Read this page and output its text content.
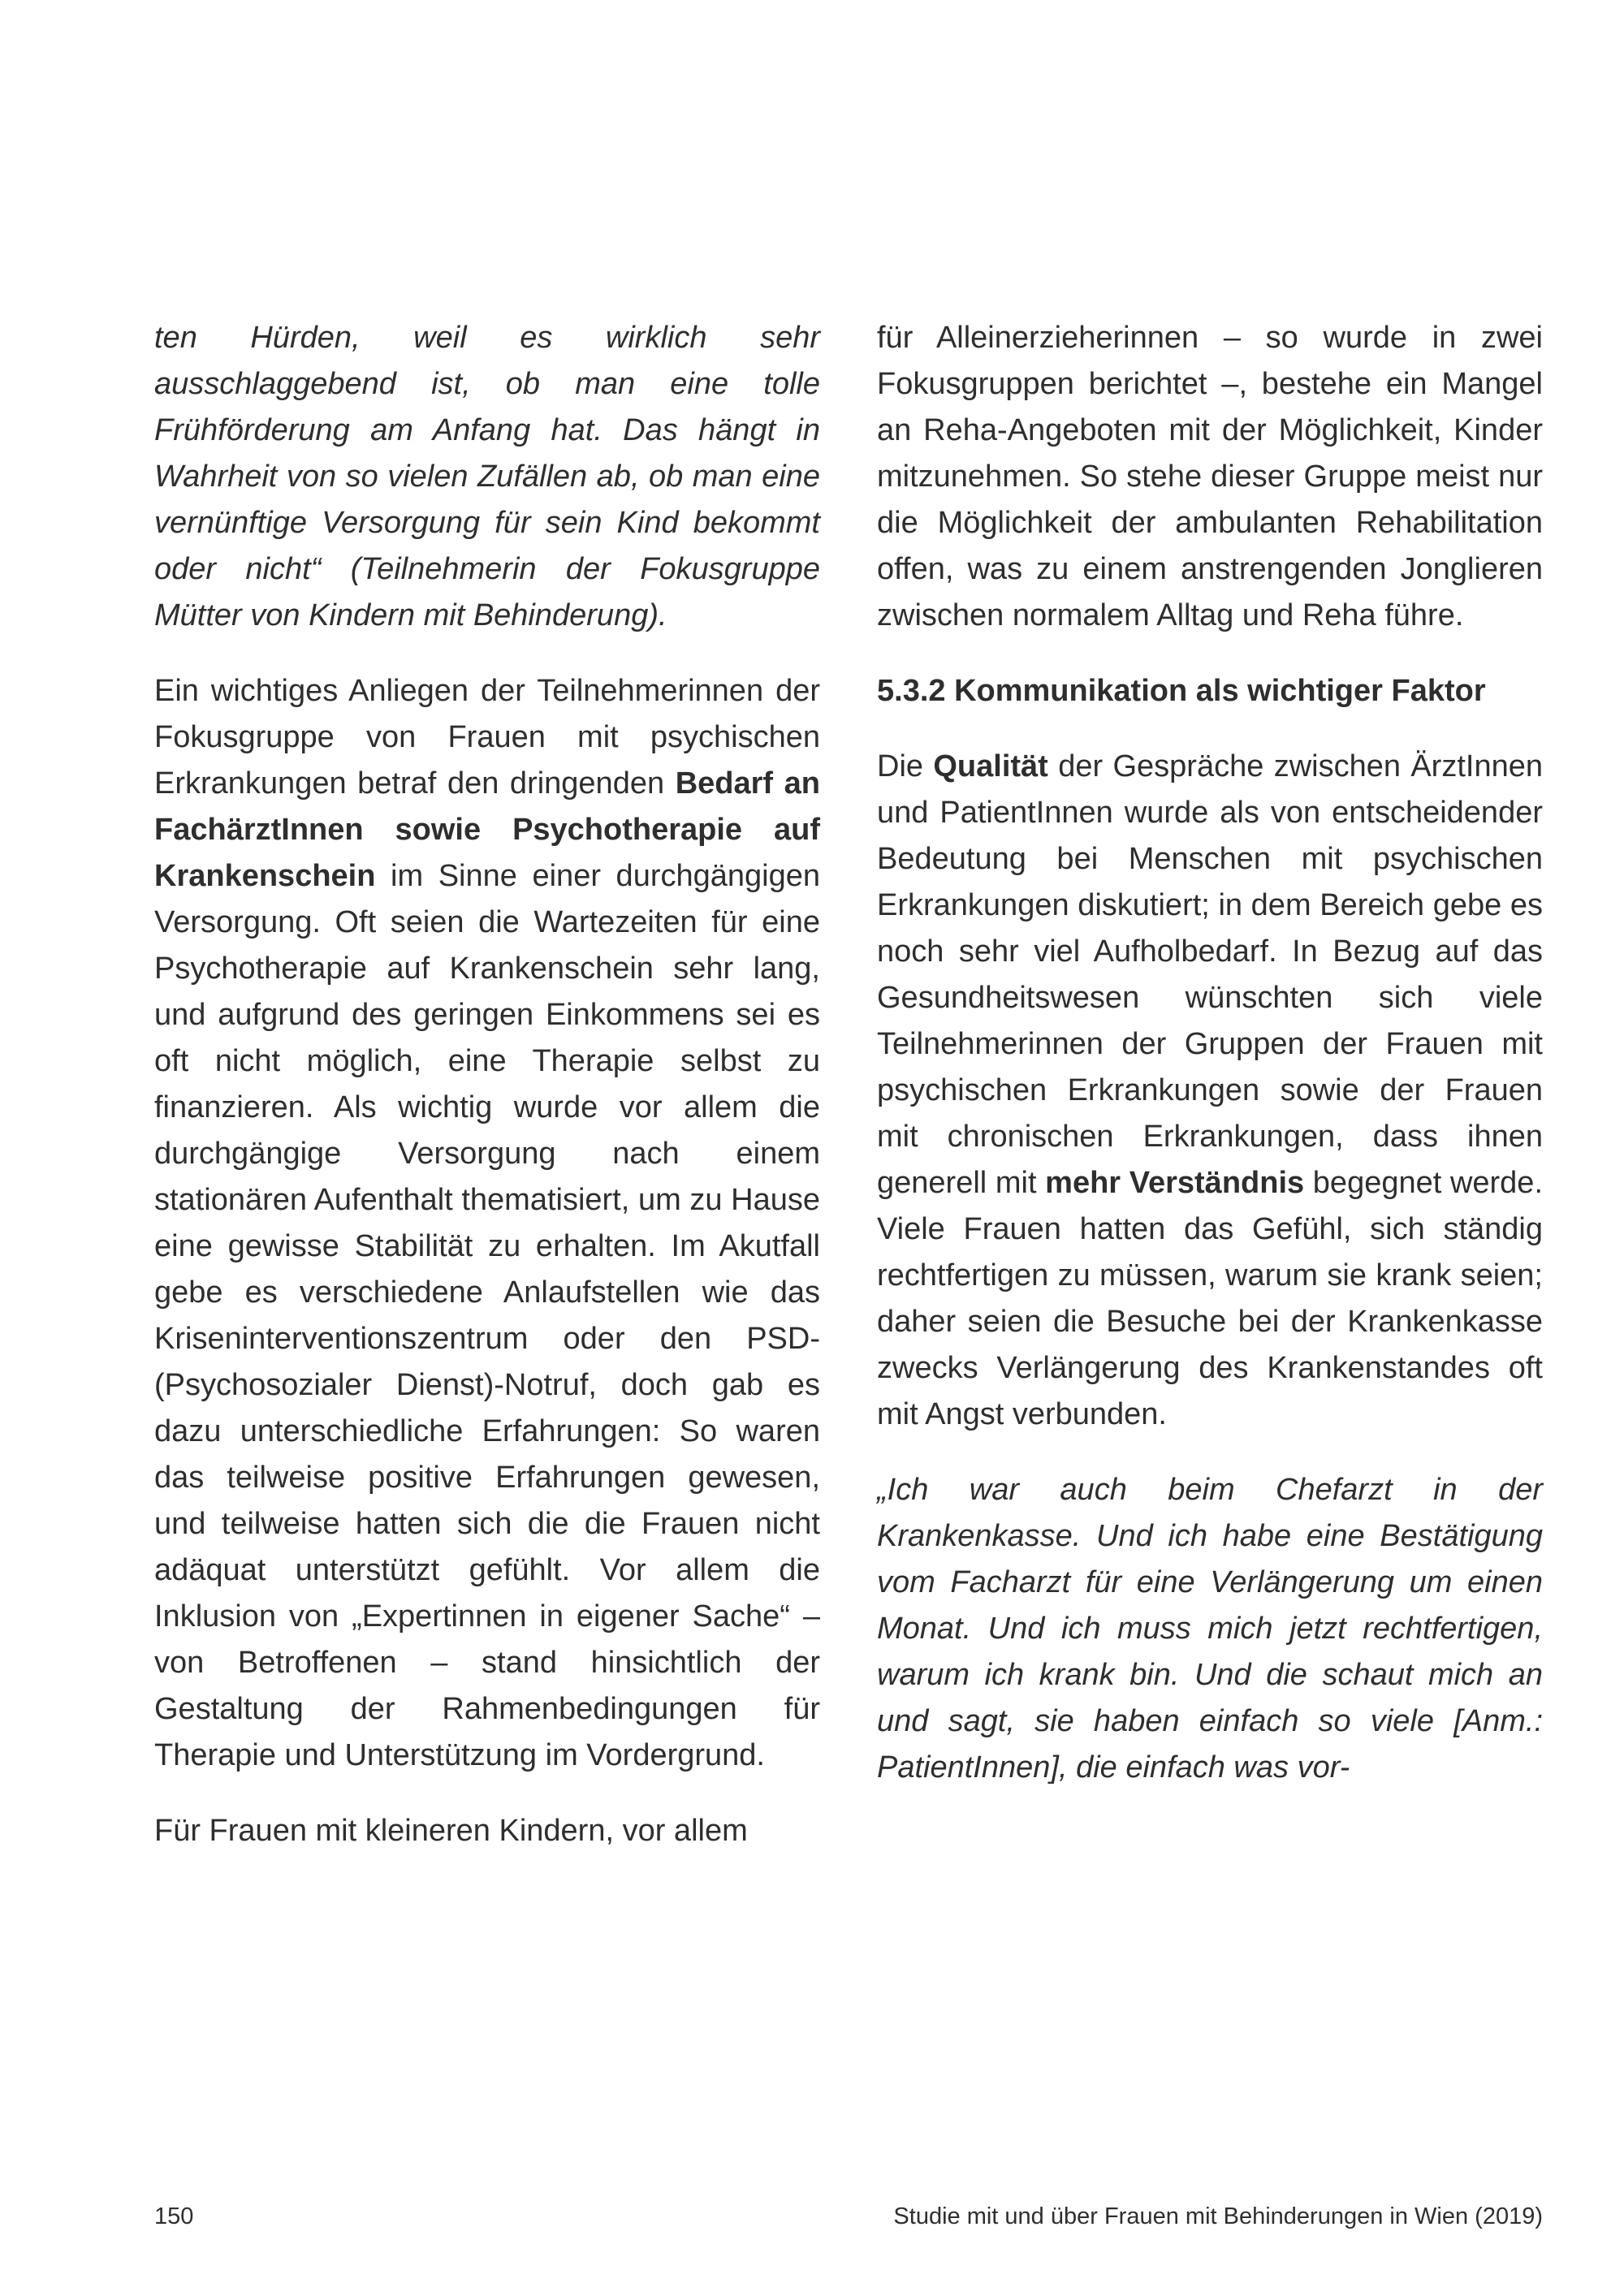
ten Hürden, weil es wirklich sehr ausschlaggebend ist, ob man eine tolle Frühförderung am Anfang hat. Das hängt in Wahrheit von so vielen Zufällen ab, ob man eine vernünftige Versorgung für sein Kind bekommt oder nicht“ (Teilnehmerin der Fokusgruppe Mütter von Kindern mit Behinderung).

Ein wichtiges Anliegen der Teilnehmerinnen der Fokusgruppe von Frauen mit psychischen Erkrankungen betraf den dringenden Bedarf an FachärztInnen sowie Psychotherapie auf Krankenschein im Sinne einer durchgängigen Versorgung. Oft seien die Wartezeiten für eine Psychotherapie auf Krankenschein sehr lang, und aufgrund des geringen Einkommens sei es oft nicht möglich, eine Therapie selbst zu finanzieren. Als wichtig wurde vor allem die durchgängige Versorgung nach einem stationären Aufenthalt thematisiert, um zu Hause eine gewisse Stabilität zu erhalten. Im Akutfall gebe es verschiedene Anlaufstellen wie das Kriseninterventionszentrum oder den PSD-(Psychosozialer Dienst)-Notruf, doch gab es dazu unterschiedliche Erfahrungen: So waren das teilweise positive Erfahrungen gewesen, und teilweise hatten sich die die Frauen nicht adäquat unterstützt gefühlt. Vor allem die Inklusion von „Expertinnen in eigener Sache“ – von Betroffenen – stand hinsichtlich der Gestaltung der Rahmenbedingungen für Therapie und Unterstützung im Vordergrund.

Für Frauen mit kleineren Kindern, vor allem

für Alleinerzieherinnen – so wurde in zwei Fokusgruppen berichtet –, bestehe ein Mangel an Reha-Angeboten mit der Möglichkeit, Kinder mitzunehmen. So stehe dieser Gruppe meist nur die Möglichkeit der ambulanten Rehabilitation offen, was zu einem anstrengenden Jonglieren zwischen normalem Alltag und Reha führe.

5.3.2 Kommunikation als wichtiger Faktor

Die Qualität der Gespräche zwischen ÄrztInnen und PatientInnen wurde als von entscheidender Bedeutung bei Menschen mit psychischen Erkrankungen diskutiert; in dem Bereich gebe es noch sehr viel Aufholbedarf. In Bezug auf das Gesundheitswesen wünschten sich viele Teilnehmerinnen der Gruppen der Frauen mit psychischen Erkrankungen sowie der Frauen mit chronischen Erkrankungen, dass ihnen generell mit mehr Verständnis begegnet werde. Viele Frauen hatten das Gefühl, sich ständig rechtfertigen zu müssen, warum sie krank seien; daher seien die Besuche bei der Krankenkasse zwecks Verlängerung des Krankenstandes oft mit Angst verbunden.

„Ich war auch beim Chefarzt in der Krankenkasse. Und ich habe eine Bestätigung vom Facharzt für eine Verlängerung um einen Monat. Und ich muss mich jetzt rechtfertigen, warum ich krank bin. Und die schaut mich an und sagt, sie haben einfach so viele [Anm.: PatientInnen], die einfach was vor-

150	Studie mit und über Frauen mit Behinderungen in Wien (2019)
